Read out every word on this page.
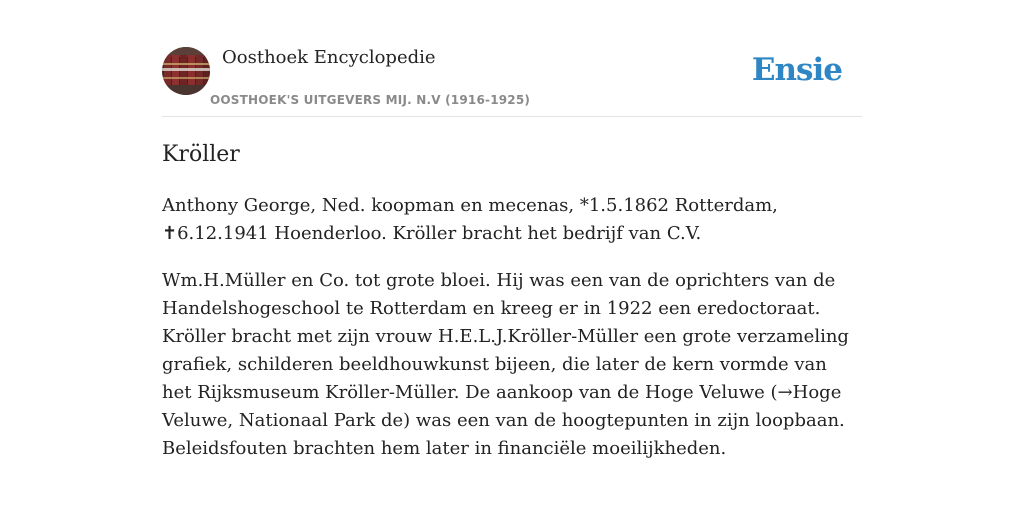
Oosthoek Encyclopedie
OOSTHOEK'S UITGEVERS MIJ. N.V (1916-1925)
Ensie
Kröller

Anthony George, Ned. koopman en mecenas, *1.5.1862 Rotterdam, ✝6.12.1941 Hoenderloo. Kröller bracht het bedrijf van C.V.

Wm.H.Müller en Co. tot grote bloei. Hij was een van de oprichters van de Handelshogeschool te Rotterdam en kreeg er in 1922 een eredoctoraat. Kröller bracht met zijn vrouw H.E.L.J.Kröller-Müller een grote verzameling grafiek, schilderen beeldhouwkunst bijeen, die later de kern vormde van het Rijksmuseum Kröller-Müller. De aankoop van de Hoge Veluwe (→Hoge Veluwe, Nationaal Park de) was een van de hoogtepunten in zijn loopbaan. Beleidsfouten brachten hem later in financiële moeilijkheden.
